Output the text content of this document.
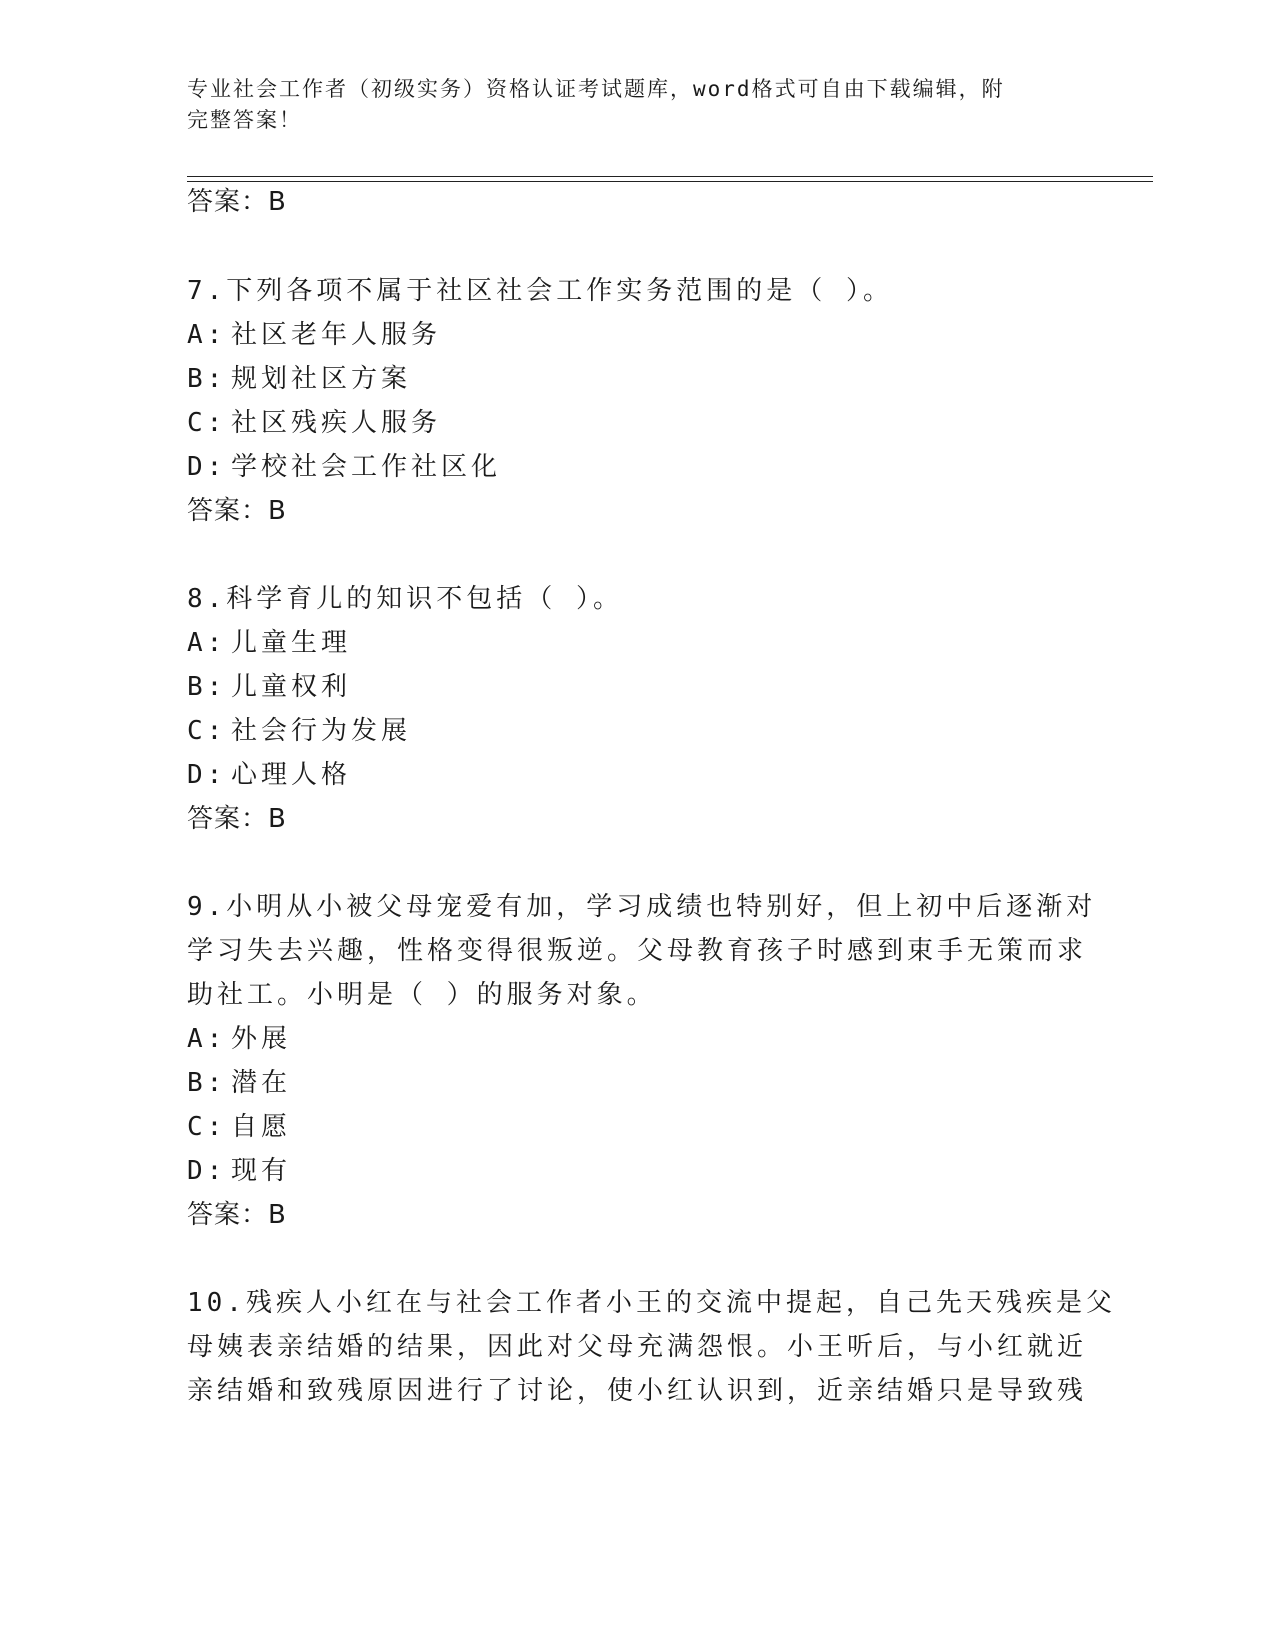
专业社会工作者（初级实务）资格认证考试题库，word格式可自由下载编辑，附
完整答案！
答案：B
7.下列各项不属于社区社会工作实务范围的是（ ）。
A: 社区老年人服务
B: 规划社区方案
C: 社区残疾人服务
D: 学校社会工作社区化
答案：B
8.科学育儿的知识不包括（ ）。
A: 儿童生理
B: 儿童权利
C: 社会行为发展
D: 心理人格
答案：B
9.小明从小被父母宠爱有加，学习成绩也特别好，但上初中后逐渐对
学习失去兴趣，性格变得很叛逆。父母教育孩子时感到束手无策而求
助社工。小明是（ ）的服务对象。
A: 外展
B: 潜在
C: 自愿
D: 现有
答案：B
10.残疾人小红在与社会工作者小王的交流中提起，自己先天残疾是父
母姨表亲结婚的结果，因此对父母充满怨恨。小王听后，与小红就近
亲结婚和致残原因进行了讨论，使小红认识到，近亲结婚只是导致残
